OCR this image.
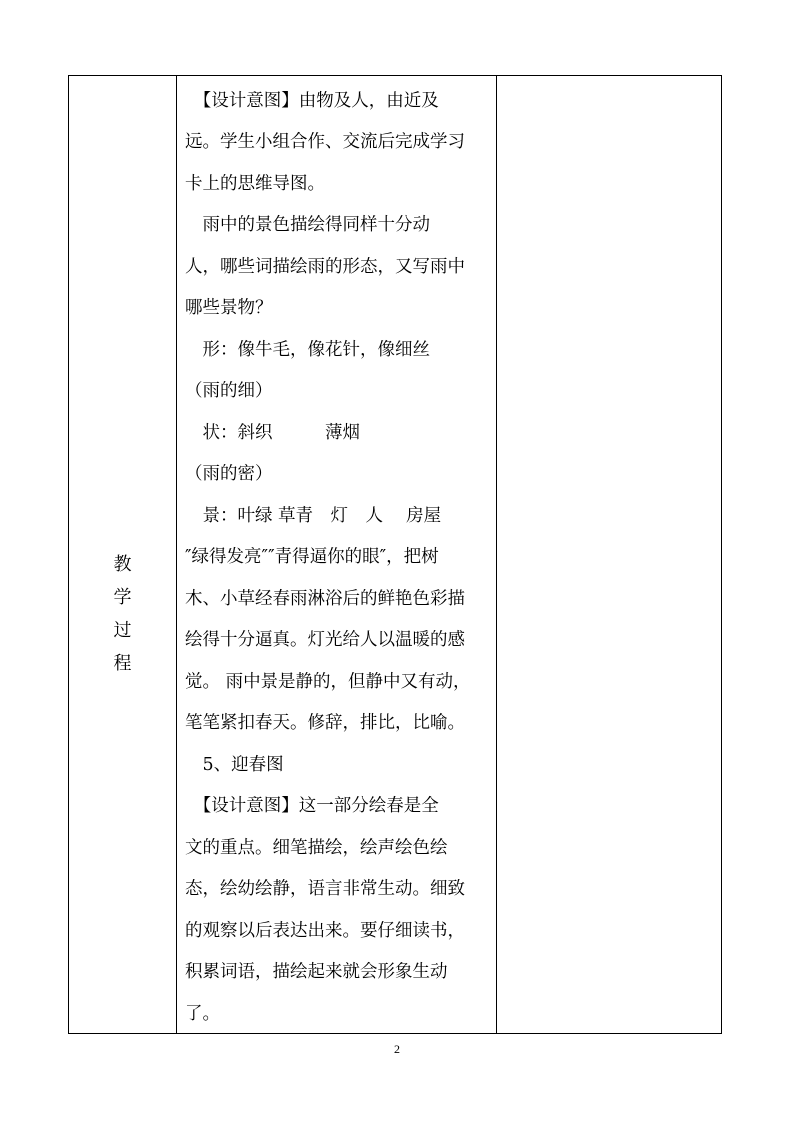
教
学
过
程
　【设计意图】由物及人，由近及
远。学生小组合作、交流后完成学习
卡上的思维导图。
　雨中的景色描绘得同样十分动
人，哪些词描绘雨的形态，又写雨中
哪些景物？
　形：像牛毛，像花针，像细丝
（雨的细）
　状：斜织　　　薄烟
（雨的密）
　景：叶绿 草青　灯　人　 房屋
″绿得发亮″″青得逼你的眼″，把树
木、小草经春雨淋浴后的鲜艳色彩描
绘得十分逼真。灯光给人以温暖的感
觉。 雨中景是静的，但静中又有动，
笔笔紧扣春天。修辞，排比，比喻。
　5、迎春图
　【设计意图】这一部分绘春是全
文的重点。细笔描绘，绘声绘色绘
态，绘幼绘静，语言非常生动。细致
的观察以后表达出来。要仔细读书，
积累词语，描绘起来就会形象生动
了。
2
